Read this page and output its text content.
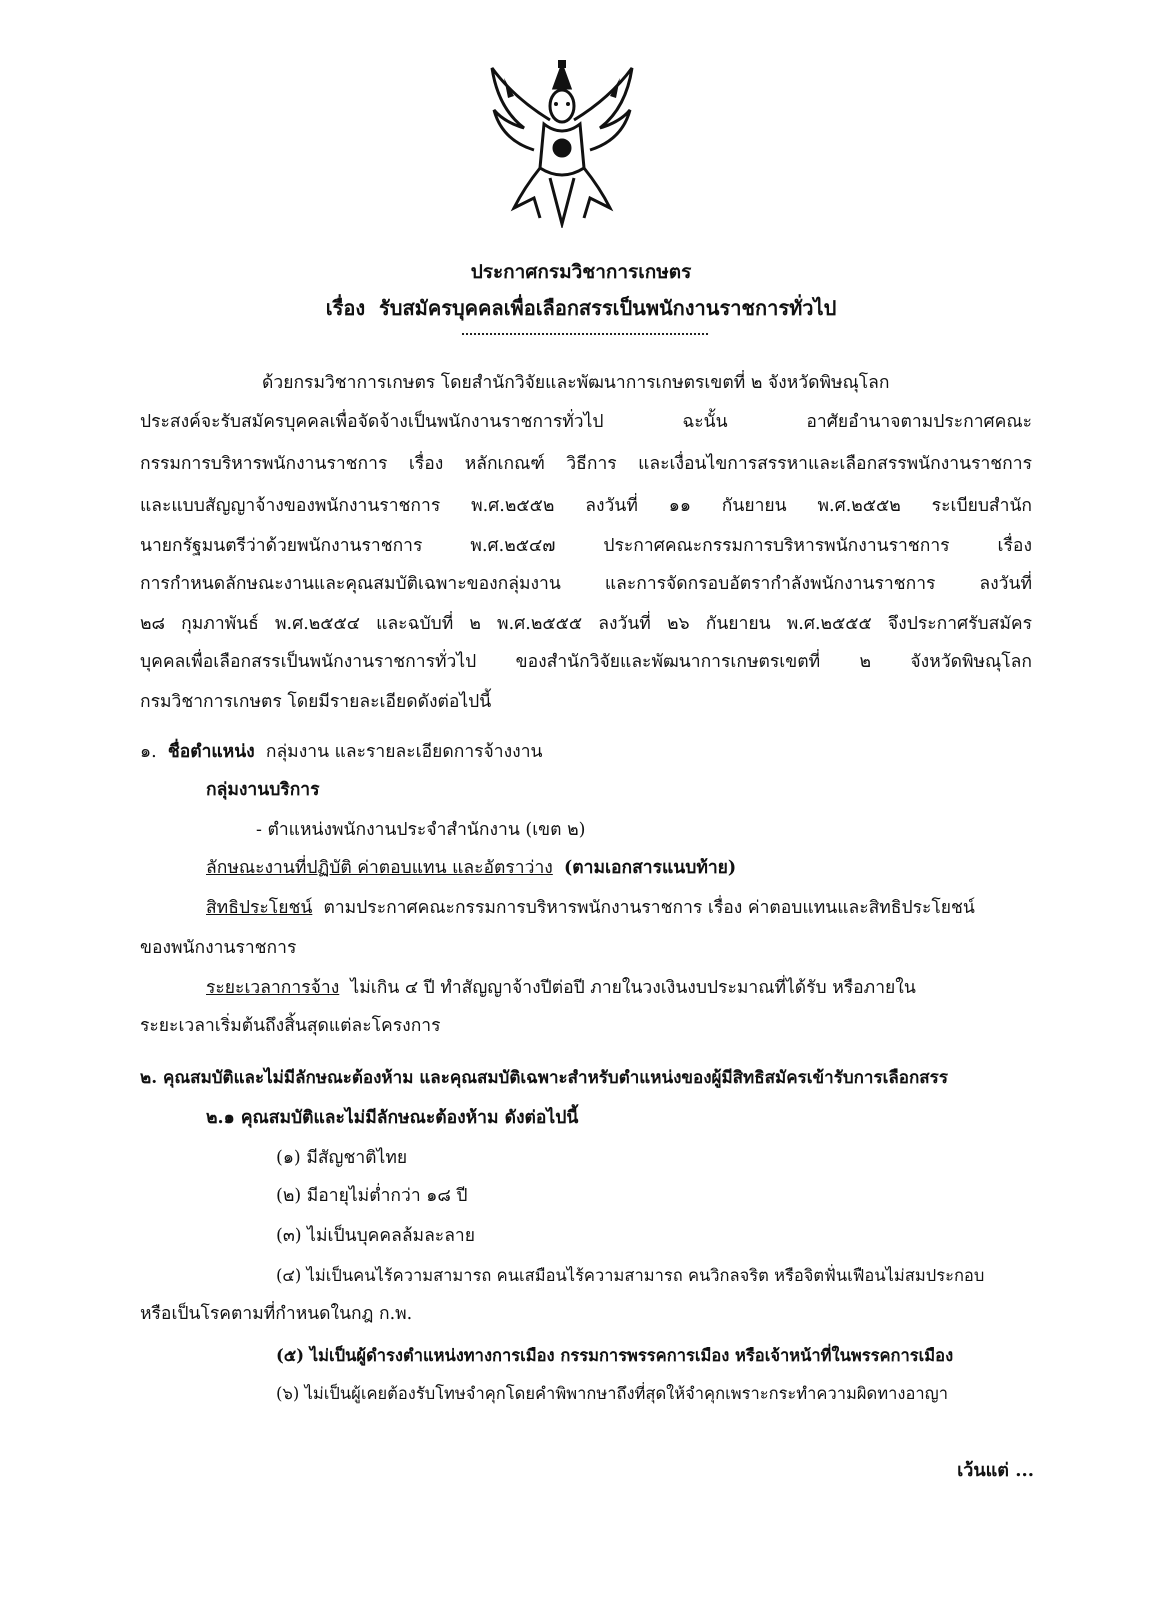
ประกาศกรมวิชาการเกษตร
เรื่อง รับสมัครบุคคลเพื่อเลือกสรรเป็นพนักงานราชการทั่วไป
ด้วยกรมวิชาการเกษตร โดยสำนักวิจัยและพัฒนาการเกษตรเขตที่ ๒ จังหวัดพิษณุโลก
ประสงค์จะรับสมัครบุคคลเพื่อจัดจ้างเป็นพนักงานราชการทั่วไป ฉะนั้น อาศัยอำนาจตามประกาศคณะ
กรรมการบริหารพนักงานราชการ เรื่อง หลักเกณฑ์ วิธีการ และเงื่อนไขการสรรหาและเลือกสรรพนักงานราชการ
และแบบสัญญาจ้างของพนักงานราชการ พ.ศ.๒๕๕๒ ลงวันที่ ๑๑ กันยายน พ.ศ.๒๕๕๒ ระเบียบสำนัก
นายกรัฐมนตรีว่าด้วยพนักงานราชการ พ.ศ.๒๕๔๗ ประกาศคณะกรรมการบริหารพนักงานราชการ เรื่อง
การกำหนดลักษณะงานและคุณสมบัติเฉพาะของกลุ่มงาน และการจัดกรอบอัตรากำลังพนักงานราชการ ลงวันที่
๒๘ กุมภาพันธ์ พ.ศ.๒๕๕๔ และฉบับที่ ๒ พ.ศ.๒๕๕๕ ลงวันที่ ๒๖ กันยายน พ.ศ.๒๕๕๕ จึงประกาศรับสมัคร
บุคคลเพื่อเลือกสรรเป็นพนักงานราชการทั่วไป ของสำนักวิจัยและพัฒนาการเกษตรเขตที่ ๒ จังหวัดพิษณุโลก
กรมวิชาการเกษตร โดยมีรายละเอียดดังต่อไปนี้
๑. ชื่อตำแหน่ง กลุ่มงาน และรายละเอียดการจ้างงาน
กลุ่มงานบริการ
- ตำแหน่งพนักงานประจำสำนักงาน (เขต ๒)
ลักษณะงานที่ปฏิบัติ ค่าตอบแทน และอัตราว่าง (ตามเอกสารแนบท้าย)
สิทธิประโยชน์ ตามประกาศคณะกรรมการบริหารพนักงานราชการ เรื่อง ค่าตอบแทนและสิทธิประโยชน์
ของพนักงานราชการ
ระยะเวลาการจ้าง ไม่เกิน ๔ ปี ทำสัญญาจ้างปีต่อปี ภายในวงเงินงบประมาณที่ได้รับ หรือภายใน
ระยะเวลาเริ่มต้นถึงสิ้นสุดแต่ละโครงการ
๒. คุณสมบัติและไม่มีลักษณะต้องห้าม และคุณสมบัติเฉพาะสำหรับตำแหน่งของผู้มีสิทธิสมัครเข้ารับการเลือกสรร
๒.๑ คุณสมบัติและไม่มีลักษณะต้องห้าม ดังต่อไปนี้
(๑) มีสัญชาติไทย
(๒) มีอายุไม่ต่ำกว่า ๑๘ ปี
(๓) ไม่เป็นบุคคลล้มละลาย
(๔) ไม่เป็นคนไร้ความสามารถ คนเสมือนไร้ความสามารถ คนวิกลจริต หรือจิตฟั่นเฟือนไม่สมประกอบ
หรือเป็นโรคตามที่กำหนดในกฎ ก.พ.
(๕) ไม่เป็นผู้ดำรงตำแหน่งทางการเมือง กรรมการพรรคการเมือง หรือเจ้าหน้าที่ในพรรคการเมือง
(๖) ไม่เป็นผู้เคยต้องรับโทษจำคุกโดยคำพิพากษาถึงที่สุดให้จำคุกเพราะกระทำความผิดทางอาญา
เว้นแต่ ...
